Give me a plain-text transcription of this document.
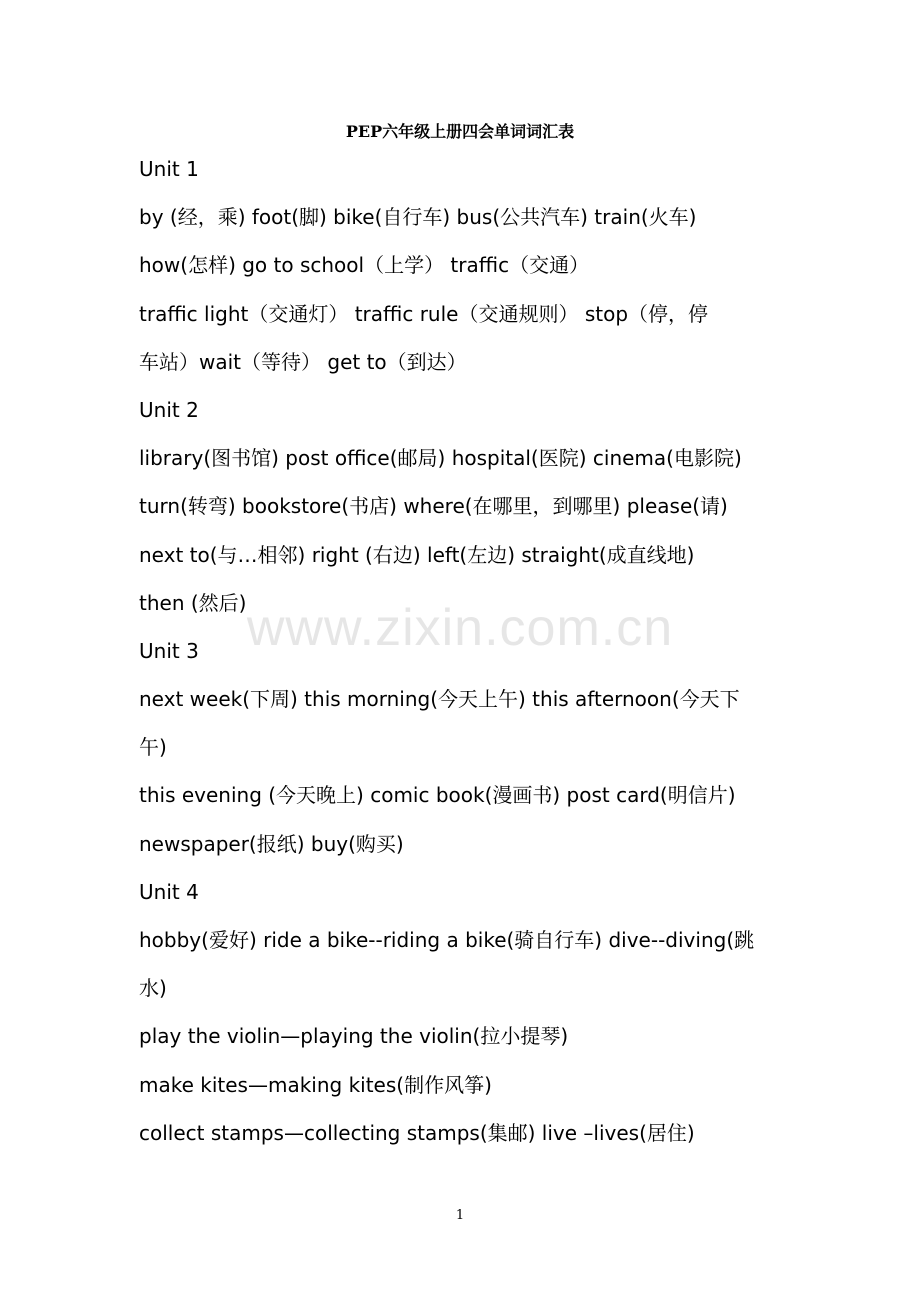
PEP六年级上册四会单词词汇表
Unit 1
by (经，乘) foot(脚) bike(自行车) bus(公共汽车) train(火车)
how(怎样) go to school（上学） traffic（交通）
traffic light（交通灯） traffic rule（交通规则） stop（停，停
车站）wait（等待） get to（到达）
Unit 2
library(图书馆) post office(邮局) hospital(医院) cinema(电影院)
turn(转弯) bookstore(书店) where(在哪里，到哪里) please(请)
next to(与…相邻) right (右边) left(左边) straight(成直线地)
then (然后)
Unit 3
next week(下周) this morning(今天上午) this afternoon(今天下
午)
this evening (今天晚上) comic book(漫画书) post card(明信片)
newspaper(报纸) buy(购买)
Unit 4
hobby(爱好) ride a bike--riding a bike(骑自行车) dive--diving(跳
水)
play the violin—playing the violin(拉小提琴)
make kites—making kites(制作风筝)
collect stamps—collecting stamps(集邮) live –lives(居住)
www.zixin.com.cn
1
